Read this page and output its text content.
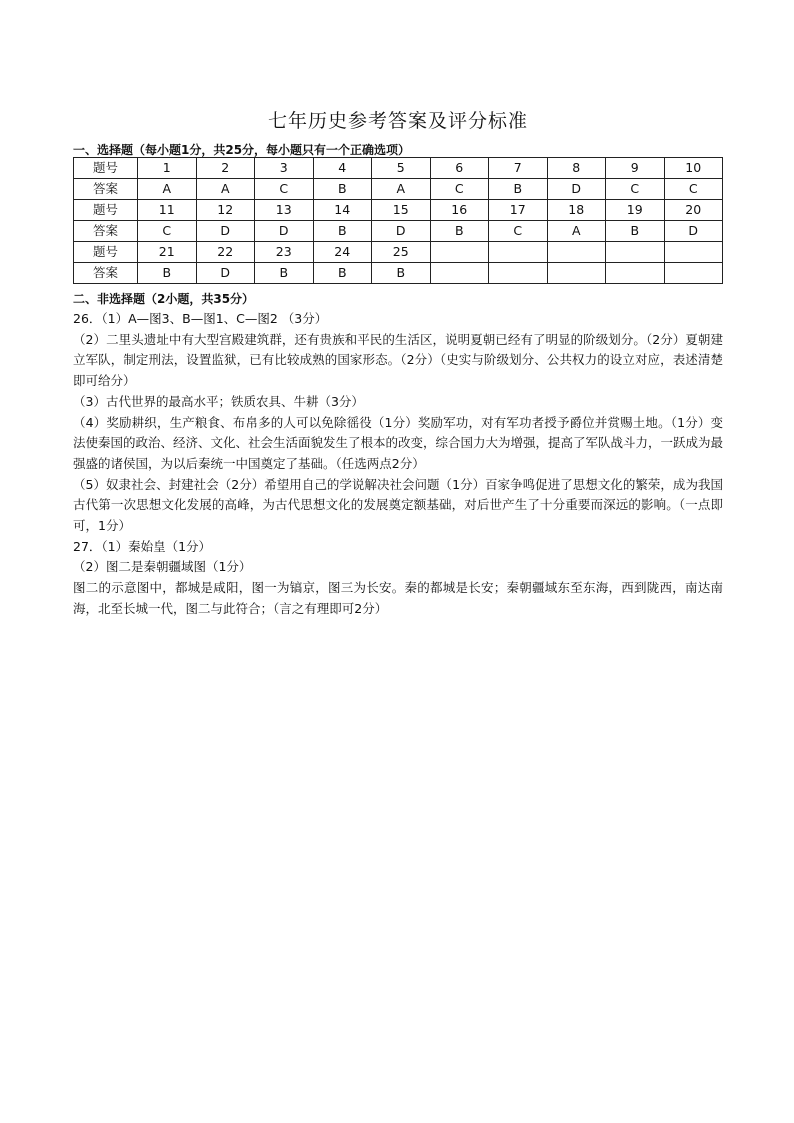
七年历史参考答案及评分标准
一、选择题（每小题1分，共25分，每小题只有一个正确选项）
题号	1	2	3	4	5	6	7	8	9	10
答案	A	A	C	B	A	C	B	D	C	C
题号	11	12	13	14	15	16	17	18	19	20
答案	C	D	D	B	D	B	C	A	B	D
题号	21	22	23	24	25					
答案	B	D	B	B	B					
二、非选择题（2小题，共35分）

26．（1）A—图3、B—图1、C—图2 （3分）

（2）二里头遗址中有大型宫殿建筑群，还有贵族和平民的生活区，说明夏朝已经有了明显的阶级划分。（2分）夏朝建立军队，制定刑法，设置监狱，已有比较成熟的国家形态。（2分）（史实与阶级划分、公共权力的设立对应，表述清楚即可给分）

（3）古代世界的最高水平；铁质农具、牛耕（3分）

（4）奖励耕织，生产粮食、布帛多的人可以免除徭役（1分）奖励军功，对有军功者授予爵位并赏赐土地。（1分）变法使秦国的政治、经济、文化、社会生活面貌发生了根本的改变，综合国力大为增强，提高了军队战斗力，一跃成为最强盛的诸侯国，为以后秦统一中国奠定了基础。（任选两点2分）

（5）奴隶社会、封建社会（2分）希望用自己的学说解决社会问题（1分）百家争鸣促进了思想文化的繁荣，成为我国古代第一次思想文化发展的高峰，为古代思想文化的发展奠定额基础，对后世产生了十分重要而深远的影响。（一点即可，1分）

27．（1）秦始皇（1分）

（2）图二是秦朝疆域图（1分）

图二的示意图中，都城是咸阳，图一为镐京，图三为长安。秦的都城是长安；秦朝疆域东至东海，西到陇西，南达南海，北至长城一代，图二与此符合；（言之有理即可2分）
